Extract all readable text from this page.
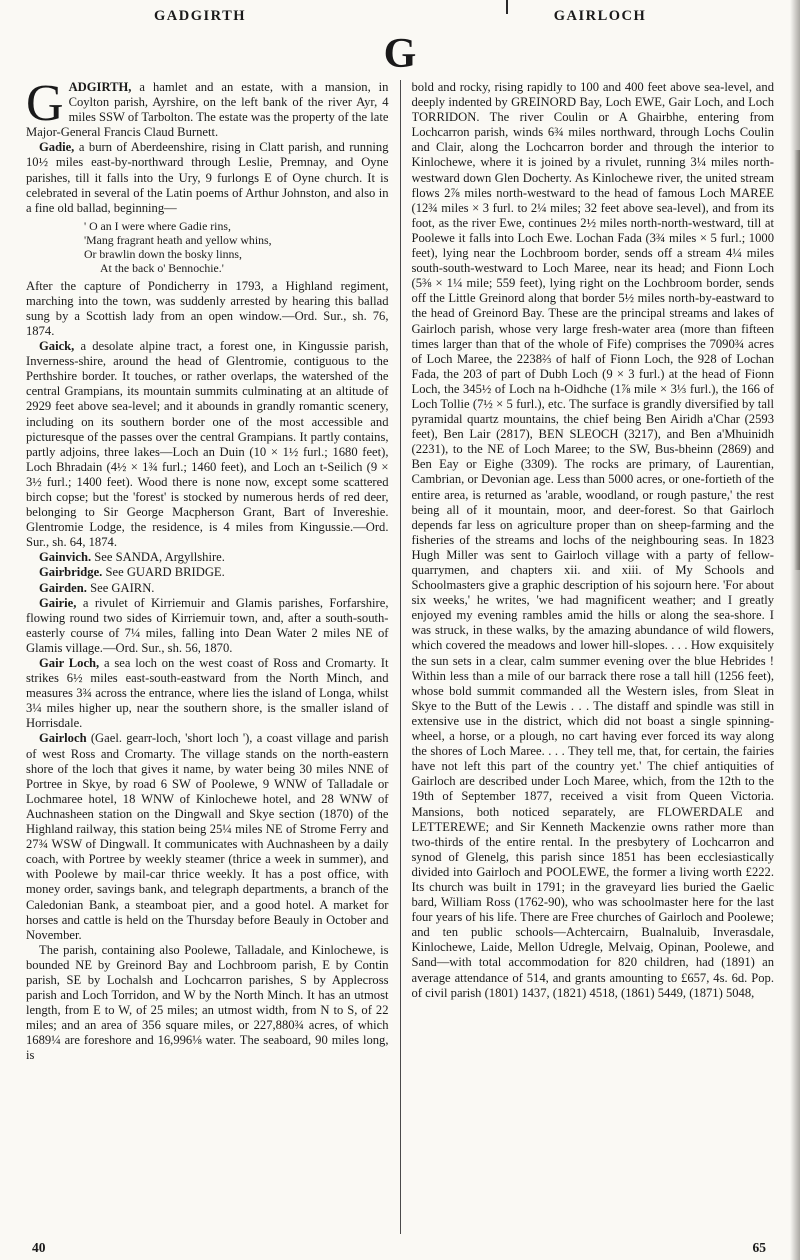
GADGIRTH	GAIRLOCH
G

GADGIRTH, a hamlet and an estate, with a mansion, in Coylton parish, Ayrshire, on the left bank of the river Ayr, 4 miles SSW of Tarbolton. The estate was the property of the late Major-General Francis Claud Burnett.

Gadie, a burn of Aberdeenshire, rising in Clatt parish, and running 10½ miles east-by-northward through Leslie, Premnay, and Oyne parishes, till it falls into the Ury, 9 furlongs E of Oyne church. It is celebrated in several of the Latin poems of Arthur Johnston, and also in a fine old ballad, beginning—

' O an I were where Gadie rins,
'Mang fragrant heath and yellow whins,
Or brawlin down the bosky linns,
At the back o' Bennochie.'

After the capture of Pondicherry in 1793, a Highland regiment, marching into the town, was suddenly arrested by hearing this ballad sung by a Scottish lady from an open window.—Ord. Sur., sh. 76, 1874.

Gaick, a desolate alpine tract, a forest one, in Kingussie parish, Inverness-shire, around the head of Glentromie, contiguous to the Perthshire border. It touches, or rather overlaps, the watershed of the central Grampians, its mountain summits culminating at an altitude of 2929 feet above sea-level; and it abounds in grandly romantic scenery, including on its southern border one of the most accessible and picturesque of the passes over the central Grampians. It partly contains, partly adjoins, three lakes—Loch an Duin (10 × 1½ furl.; 1680 feet), Loch Bhradain (4½ × 1¾ furl.; 1460 feet), and Loch an t-Seilich (9 × 3½ furl.; 1400 feet). Wood there is none now, except some scattered birch copse; but the 'forest' is stocked by numerous herds of red deer, belonging to Sir George Macpherson Grant, Bart of Invereshie. Glentromie Lodge, the residence, is 4 miles from Kingussie.—Ord. Sur., sh. 64, 1874.

Gainvich. See SANDA, Argyllshire.

Gairbridge. See GUARD BRIDGE.

Gairden. See GAIRN.

Gairie, a rivulet of Kirriemuir and Glamis parishes, Forfarshire, flowing round two sides of Kirriemuir town, and, after a south-south-easterly course of 7¼ miles, falling into Dean Water 2 miles NE of Glamis village.—Ord. Sur., sh. 56, 1870.

Gair Loch, a sea loch on the west coast of Ross and Cromarty. It strikes 6½ miles east-south-eastward from the North Minch, and measures 3¾ across the entrance, where lies the island of Longa, whilst 3¼ miles higher up, near the southern shore, is the smaller island of Horrisdale.

Gairloch (Gael. gearr-loch, 'short loch '), a coast village and parish of west Ross and Cromarty. The village stands on the north-eastern shore of the loch that gives it name, by water being 30 miles NNE of Portree in Skye, by road 6 SW of Poolewe, 9 WNW of Talladale or Lochmaree hotel, 18 WNW of Kinlochewe hotel, and 28 WNW of Auchnasheen station on the Dingwall and Skye section (1870) of the Highland railway, this station being 25¼ miles NE of Strome Ferry and 27¾ WSW of Dingwall. It communicates with Auchnasheen by a daily coach, with Portree by weekly steamer (thrice a week in summer), and with Poolewe by mail-car thrice weekly. It has a post office, with money order, savings bank, and telegraph departments, a branch of the Caledonian Bank, a steamboat pier, and a good hotel. A market for horses and cattle is held on the Thursday before Beauly in October and November.

The parish, containing also Poolewe, Talladale, and Kinlochewe, is bounded NE by Greinord Bay and Lochbroom parish, E by Contin parish, SE by Lochalsh and Lochcarron parishes, S by Applecross parish and Loch Torridon, and W by the North Minch. It has an utmost length, from E to W, of 25 miles; an utmost width, from N to S, of 22 miles; and an area of 356 square miles, or 227,880¾ acres, of which 1689¼ are foreshore and 16,996⅛ water. The seaboard, 90 miles long, is

bold and rocky, rising rapidly to 100 and 400 feet above sea-level, and deeply indented by GREINORD Bay, Loch EWE, Gair Loch, and Loch TORRIDON. The river Coulin or A Ghairbhe, entering from Lochcarron parish, winds 6¾ miles northward, through Lochs Coulin and Clair, along the Lochcarron border and through the interior to Kinlochewe, where it is joined by a rivulet, running 3¼ miles north-westward down Glen Docherty. As Kinlochewe river, the united stream flows 2⅞ miles north-westward to the head of famous Loch MAREE (12¾ miles × 3 furl. to 2¼ miles; 32 feet above sea-level), and from its foot, as the river Ewe, continues 2½ miles north-north-westward, till at Poolewe it falls into Loch Ewe. Lochan Fada (3¾ miles × 5 furl.; 1000 feet), lying near the Lochbroom border, sends off a stream 4¼ miles south-south-westward to Loch Maree, near its head; and Fionn Loch (5⅜ × 1¼ mile; 559 feet), lying right on the Lochbroom border, sends off the Little Greinord along that border 5½ miles north-by-eastward to the head of Greinord Bay. These are the principal streams and lakes of Gairloch parish, whose very large fresh-water area (more than fifteen times larger than that of the whole of Fife) comprises the 7090¾ acres of Loch Maree, the 2238⅔ of half of Fionn Loch, the 928 of Lochan Fada, the 203 of part of Dubh Loch (9 × 3 furl.) at the head of Fionn Loch, the 345½ of Loch na h-Oidhche (1⅞ mile × 3⅓ furl.), the 166 of Loch Tollie (7½ × 5 furl.), etc. The surface is grandly diversified by tall pyramidal quartz mountains, the chief being Ben Airidh a'Char (2593 feet), Ben Lair (2817), BEN SLEOCH (3217), and Ben a'Mhuinidh (2231), to the NE of Loch Maree; to the SW, Bus-bheinn (2869) and Ben Eay or Eighe (3309). The rocks are primary, of Laurentian, Cambrian, or Devonian age. Less than 5000 acres, or one-fortieth of the entire area, is returned as 'arable, woodland, or rough pasture,' the rest being all of it mountain, moor, and deer-forest. So that Gairloch depends far less on agriculture proper than on sheep-farming and the fisheries of the streams and lochs of the neighbouring seas. In 1823 Hugh Miller was sent to Gairloch village with a party of fellow-quarrymen, and chapters xii. and xiii. of My Schools and Schoolmasters give a graphic description of his sojourn here. 'For about six weeks,' he writes, 'we had magnificent weather; and I greatly enjoyed my evening rambles amid the hills or along the sea-shore. I was struck, in these walks, by the amazing abundance of wild flowers, which covered the meadows and lower hill-slopes. . . . How exquisitely the sun sets in a clear, calm summer evening over the blue Hebrides ! Within less than a mile of our barrack there rose a tall hill (1256 feet), whose bold summit commanded all the Western isles, from Sleat in Skye to the Butt of the Lewis . . . The distaff and spindle was still in extensive use in the district, which did not boast a single spinning-wheel, a horse, or a plough, no cart having ever forced its way along the shores of Loch Maree. . . . They tell me, that, for certain, the fairies have not left this part of the country yet.' The chief antiquities of Gairloch are described under Loch Maree, which, from the 12th to the 19th of September 1877, received a visit from Queen Victoria. Mansions, both noticed separately, are FLOWERDALE and LETTEREWE; and Sir Kenneth Mackenzie owns rather more than two-thirds of the entire rental. In the presbytery of Lochcarron and synod of Glenelg, this parish since 1851 has been ecclesiastically divided into Gairloch and POOLEWE, the former a living worth £222. Its church was built in 1791; in the graveyard lies buried the Gaelic bard, William Ross (1762-90), who was schoolmaster here for the last four years of his life. There are Free churches of Gairloch and Poolewe; and ten public schools—Achtercairn, Bualnaluib, Inverasdale, Kinlochewe, Laide, Mellon Udregle, Melvaig, Opinan, Poolewe, and Sand—with total accommodation for 820 children, had (1891) an average attendance of 514, and grants amounting to £657, 4s. 6d. Pop. of civil parish (1801) 1437, (1821) 4518, (1861) 5449, (1871) 5048,

40	65
